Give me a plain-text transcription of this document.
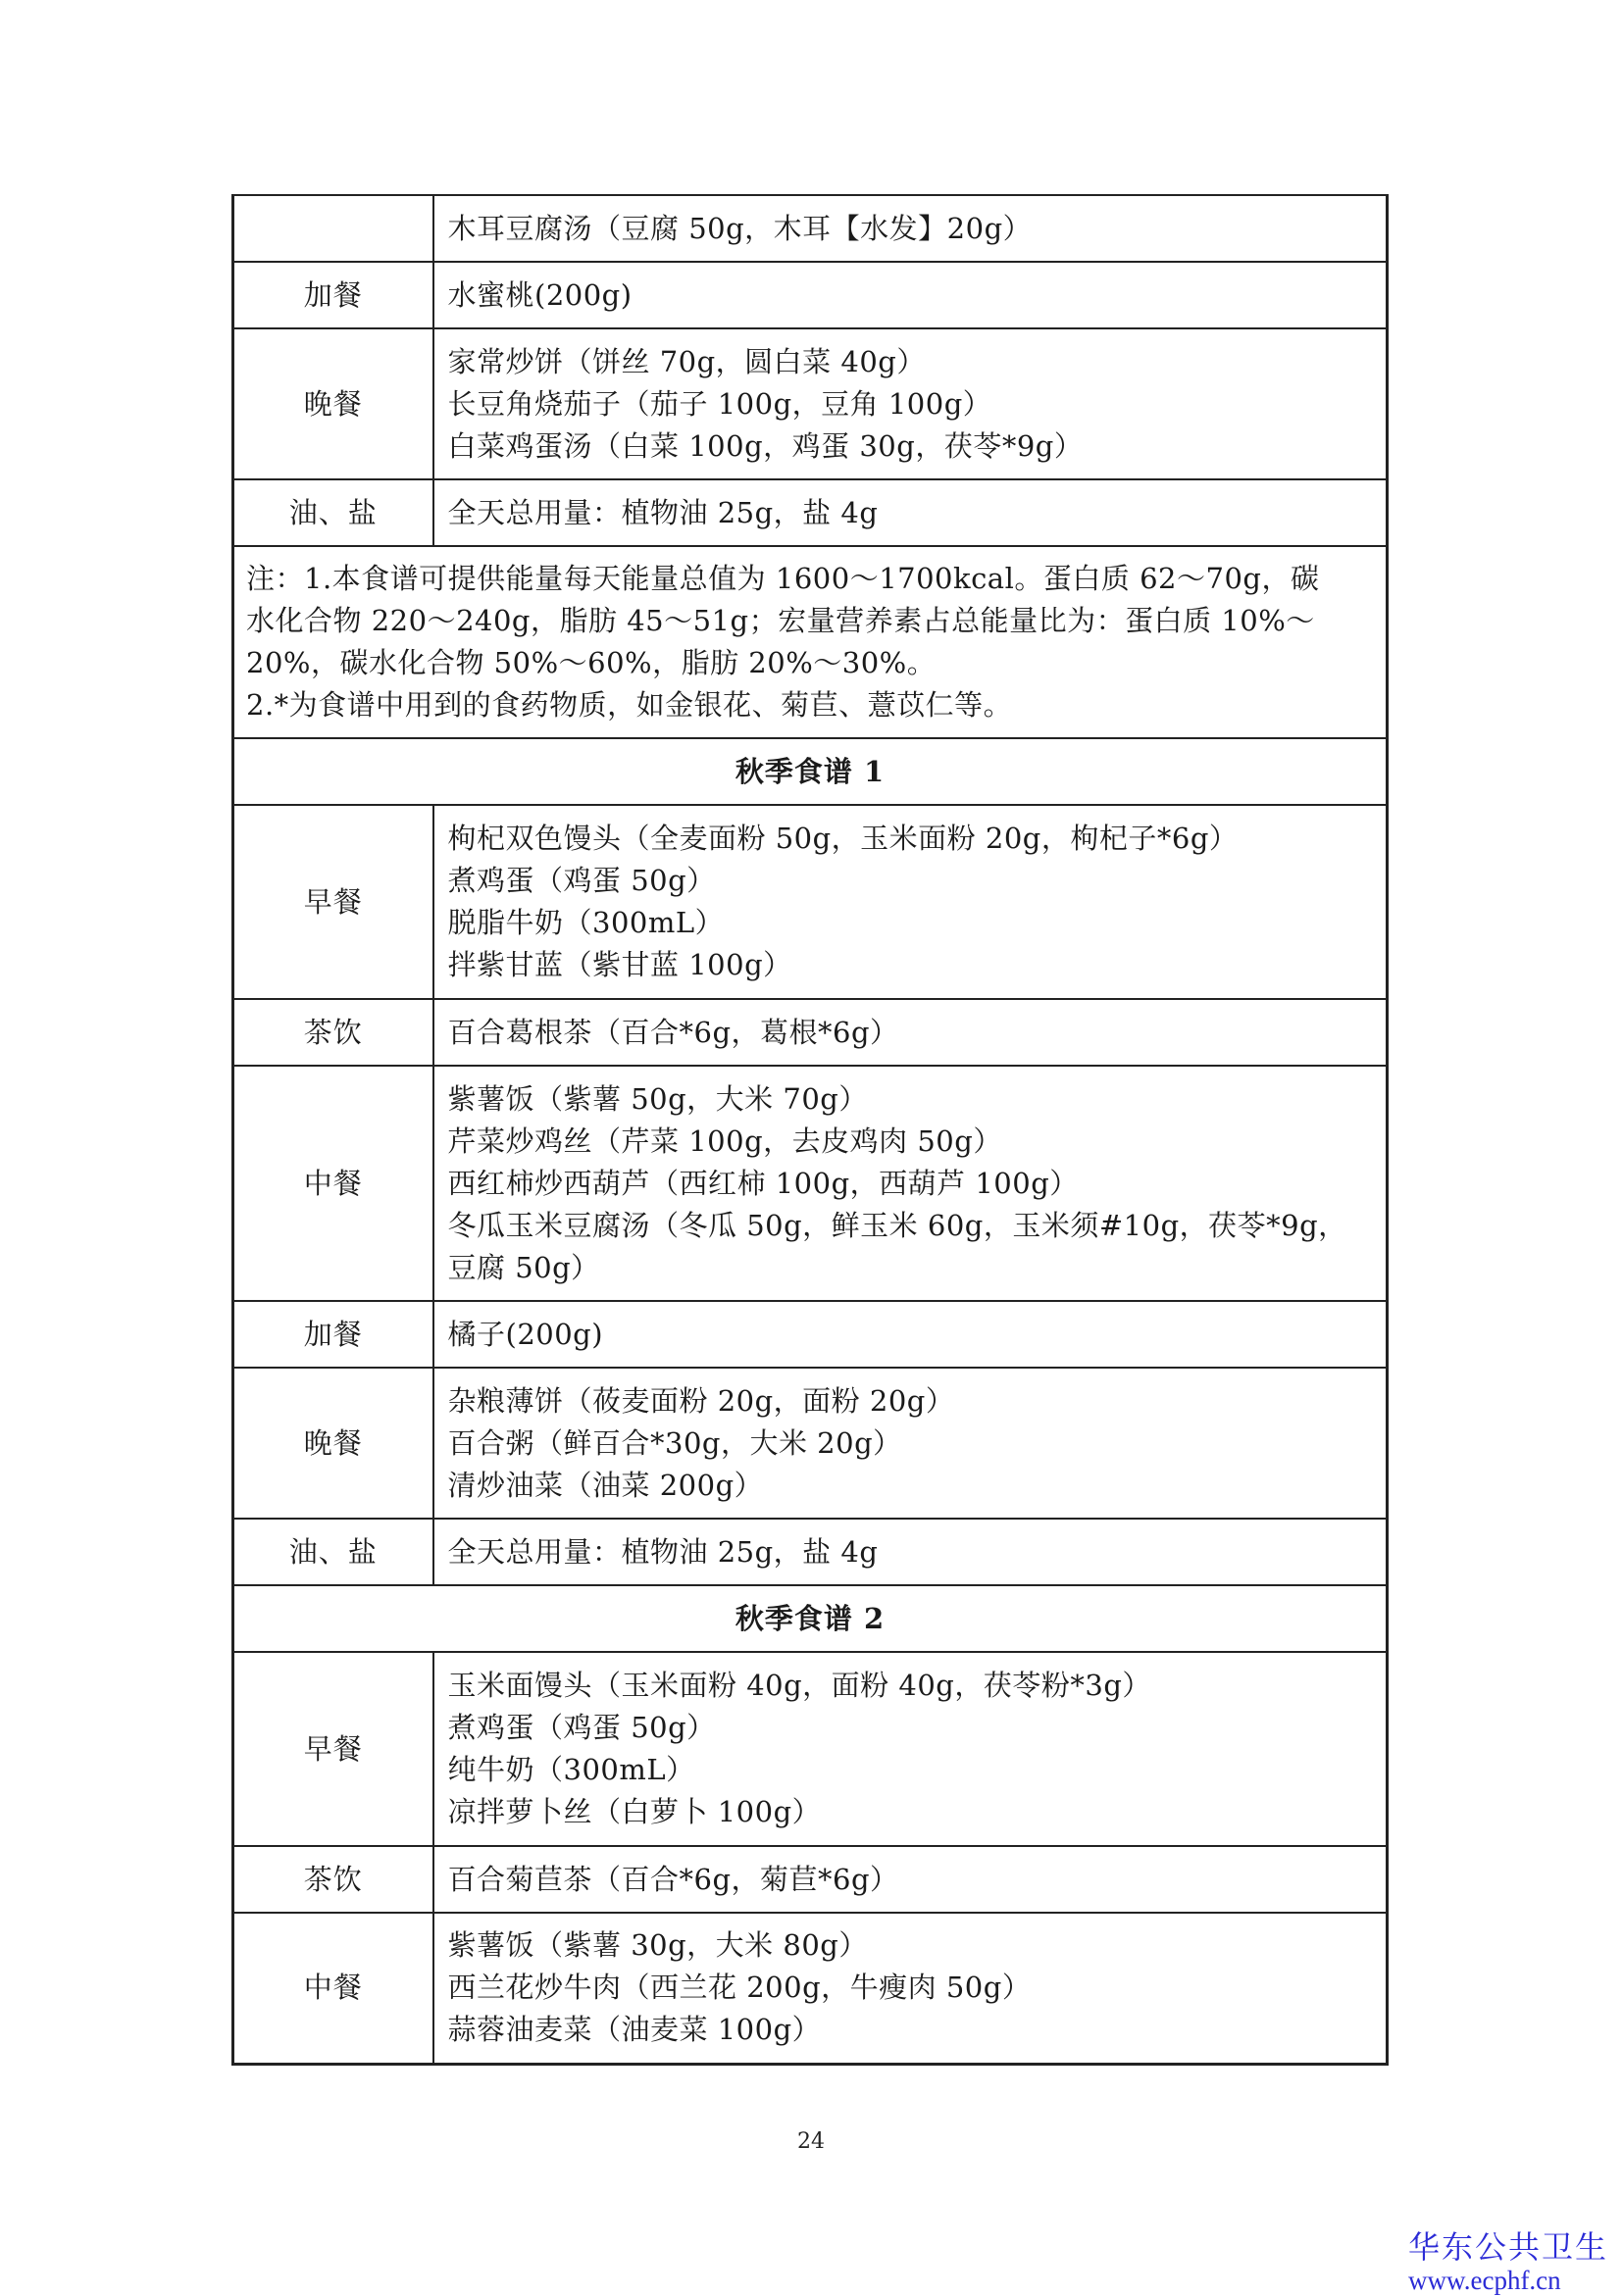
	木耳豆腐汤（豆腐 50g，木耳【水发】20g）

加餐	水蜜桃(200g)

晚餐	家常炒饼（饼丝 70g，圆白菜 40g）
长豆角烧茄子（茄子 100g，豆角 100g）
白菜鸡蛋汤（白菜 100g，鸡蛋 30g，茯苓*9g）

油、盐	全天总用量：植物油 25g，盐 4g

注：1.本食谱可提供能量每天能量总值为 1600～1700kcal。蛋白质 62～70g，碳
水化合物 220～240g，脂肪 45～51g；宏量营养素占总能量比为：蛋白质 10%～
20%，碳水化合物 50%～60%，脂肪 20%～30%。
2.*为食谱中用到的食药物质，如金银花、菊苣、薏苡仁等。	

秋季食谱 1	
早餐	枸杞双色馒头（全麦面粉 50g，玉米面粉 20g，枸杞子*6g）
煮鸡蛋（鸡蛋 50g）
脱脂牛奶（300mL）
拌紫甘蓝（紫甘蓝 100g）

茶饮	百合葛根茶（百合*6g，葛根*6g）

中餐	紫薯饭（紫薯 50g，大米 70g）
芹菜炒鸡丝（芹菜 100g，去皮鸡肉 50g）
西红柿炒西葫芦（西红柿 100g，西葫芦 100g）
冬瓜玉米豆腐汤（冬瓜 50g，鲜玉米 60g，玉米须#10g，茯苓*9g，
豆腐 50g）

加餐	橘子(200g)

晚餐	杂粮薄饼（莜麦面粉 20g，面粉 20g）
百合粥（鲜百合*30g，大米 20g）
清炒油菜（油菜 200g）

油、盐	全天总用量：植物油 25g，盐 4g

秋季食谱 2	
早餐	玉米面馒头（玉米面粉 40g，面粉 40g，茯苓粉*3g）
煮鸡蛋（鸡蛋 50g）
纯牛奶（300mL）
凉拌萝卜丝（白萝卜 100g）

茶饮	百合菊苣茶（百合*6g，菊苣*6g）

中餐	紫薯饭（紫薯 30g，大米 80g）
西兰花炒牛肉（西兰花 200g，牛瘦肉 50g）
蒜蓉油麦菜（油麦菜 100g）
24
华东公共卫生
www.ecphf.cn
